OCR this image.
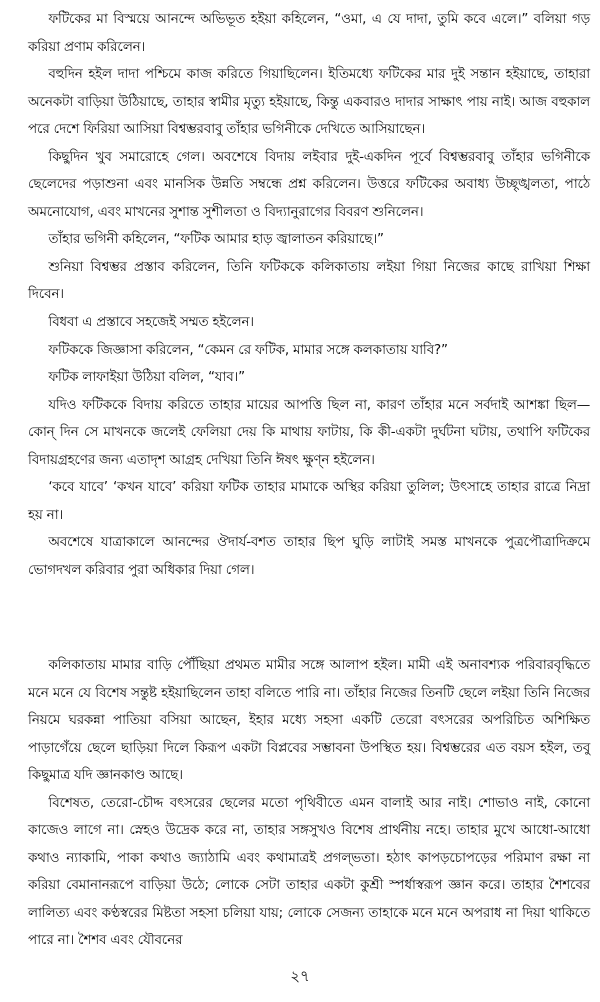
ফটিকের মা বিস্ময়ে আনন্দে অভিভূত হইয়া কহিলেন, “ওমা, এ যে দাদা, তুমি কবে এলে।” বলিয়া গড় করিয়া প্রণাম করিলেন।

বহুদিন হইল দাদা পশ্চিমে কাজ করিতে গিয়াছিলেন। ইতিমধ্যে ফটিকের মার দুই সন্তান হইয়াছে, তাহারা অনেকটা বাড়িয়া উঠিয়াছে, তাহার স্বামীর মৃত্যু হইয়াছে, কিন্তু একবারও দাদার সাক্ষাৎ পায় নাই। আজ বহুকাল পরে দেশে ফিরিয়া আসিয়া বিশ্বম্ভরবাবু তাঁহার ভগিনীকে দেখিতে আসিয়াছেন।

কিছুদিন খুব সমারোহে গেল। অবশেষে বিদায় লইবার দুই-একদিন পূর্বে বিশ্বম্ভরবাবু তাঁহার ভগিনীকে ছেলেদের পড়াশুনা এবং মানসিক উন্নতি সম্বন্ধে প্রশ্ন করিলেন। উত্তরে ফটিকের অবাধ্য উচ্ছৃঙ্খলতা, পাঠে অমনোযোগ, এবং মাখনের সুশান্ত সুশীলতা ও বিদ্যানুরাগের বিবরণ শুনিলেন।

তাঁহার ভগিনী কহিলেন, “ফটিক আমার হাড় জ্বালাতন করিয়াছে।”

শুনিয়া বিশ্বম্ভর প্রস্তাব করিলেন, তিনি ফটিককে কলিকাতায় লইয়া গিয়া নিজের কাছে রাখিয়া শিক্ষা দিবেন।

বিধবা এ প্রস্তাবে সহজেই সম্মত হইলেন।

ফটিককে জিজ্ঞাসা করিলেন, “কেমন রে ফটিক, মামার সঙ্গে কলকাতায় যাবি?”

ফটিক লাফাইয়া উঠিয়া বলিল, “যাব।”

যদিও ফটিককে বিদায় করিতে তাহার মায়ের আপত্তি ছিল না, কারণ তাঁহার মনে সর্বদাই আশঙ্কা ছিল—কোন্‌ দিন সে মাখনকে জলেই ফেলিয়া দেয় কি মাথায় ফাটায়, কি কী-একটা দুর্ঘটনা ঘটায়, তথাপি ফটিকের বিদায়গ্রহণের জন্য এতাদৃশ আগ্রহ দেখিয়া তিনি ঈষৎ ক্ষুণ্ন হইলেন।

‘কবে যাবে’ ‘কখন যাবে’ করিয়া ফটিক তাহার মামাকে অস্থির করিয়া তুলিল; উৎসাহে তাহার রাত্রে নিদ্রা হয় না।

অবশেষে যাত্রাকালে আনন্দের ঔদার্য-বশত তাহার ছিপ ঘুড়ি লাটাই সমস্ত মাখনকে পুত্রপৌত্রাদিক্রমে ভোগদখল করিবার পুরা অধিকার দিয়া গেল।

কলিকাতায় মামার বাড়ি পৌঁছিয়া প্রথমত মামীর সঙ্গে আলাপ হইল। মামী এই অনাবশ্যক পরিবারবৃদ্ধিতে মনে মনে যে বিশেষ সন্তুষ্ট হইয়াছিলেন তাহা বলিতে পারি না। তাঁহার নিজের তিনটি ছেলে লইয়া তিনি নিজের নিয়মে ঘরকন্না পাতিয়া বসিয়া আছেন, ইহার মধ্যে সহসা একটি তেরো বৎসরের অপরিচিত অশিক্ষিত পাড়াগেঁয়ে ছেলে ছাড়িয়া দিলে কিরূপ একটা বিপ্লবের সম্ভাবনা উপস্থিত হয়। বিশ্বম্ভরের এত বয়স হইল, তবু কিছুমাত্র যদি জ্ঞানকাণ্ড আছে।

বিশেষত, তেরো-চৌদ্দ বৎসরের ছেলের মতো পৃথিবীতে এমন বালাই আর নাই। শোভাও নাই, কোনো কাজেও লাগে না। স্নেহও উদ্রেক করে না, তাহার সঙ্গসুখও বিশেষ প্রার্থনীয় নহে। তাহার মুখে আধো-আধো কথাও ন্যাকামি, পাকা কথাও জ্যাঠামি এবং কথামাত্রই প্রগল্‌ভতা। হঠাৎ কাপড়চোপড়ের পরিমাণ রক্ষা না করিয়া বেমানানরূপে বাড়িয়া উঠে; লোকে সেটা তাহার একটা কুশ্রী স্পর্ধাস্বরূপ জ্ঞান করে। তাহার শৈশবের লালিত্য এবং কণ্ঠস্বরের মিষ্টতা সহসা চলিয়া যায়; লোকে সেজন্য তাহাকে মনে মনে অপরাধ না দিয়া থাকিতে পারে না। শৈশব এবং যৌবনের

২৭
